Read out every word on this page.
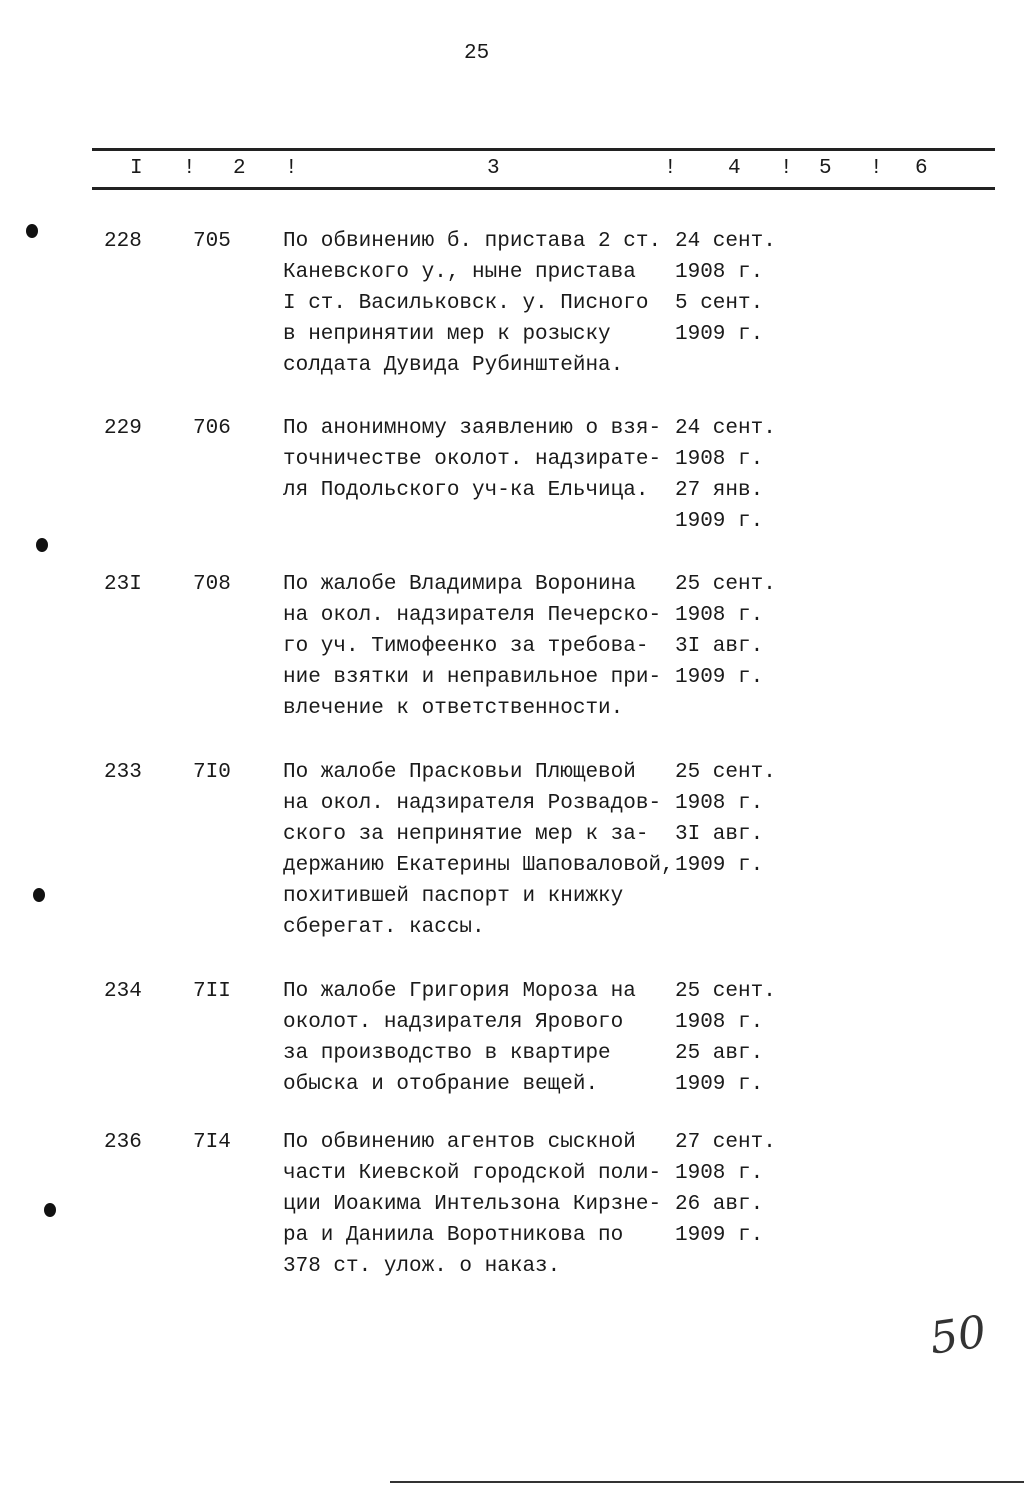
25
I ! 2 !	3	! 4 ! 5 ! 6
228 705 По обвинению б. пристава 2 ст.
Каневского у., ныне пристава
I ст. Васильковск. у. Писного
в непринятии мер к розыску
солдата Дувида Рубинштейна.
24 сент.
1908 г.
5 сент.
1909 г.
229 706 По анонимному заявлению о взя-
точничестве околот. надзирате-
ля Подольского уч-ка Ельчица.
24 сент.
1908 г.
27 янв.
1909 г.
23I 708 По жалобе Владимира Воронина
на окол. надзирателя Печерско-
го уч. Тимофеенко за требова-
ние взятки и неправильное при-
влечение к ответственности.
25 сент.
1908 г.
3I авг.
1909 г.
233 7I0 По жалобе Прасковьи Плющевой
на окол. надзирателя Розвадов-
ского за непринятие мер к за-
держанию Екатерины Шаповаловой,
похитившей паспорт и книжку
сберегат. кассы.
25 сент.
1908 г.
3I авг.
1909 г.
234 7II По жалобе Григория Мороза на
околот. надзирателя Ярового
за производство в квартире
обыска и отобрание вещей.
25 сент.
1908 г.
25 авг.
1909 г.
236 7I4 По обвинению агентов сыскной
части Киевской городской поли-
ции Иоакима Интельзона Кирзне-
ра и Даниила Воротникова по
378 ст. улож. о наказ.
27 сент.
1908 г.
26 авг.
1909 г.
50
